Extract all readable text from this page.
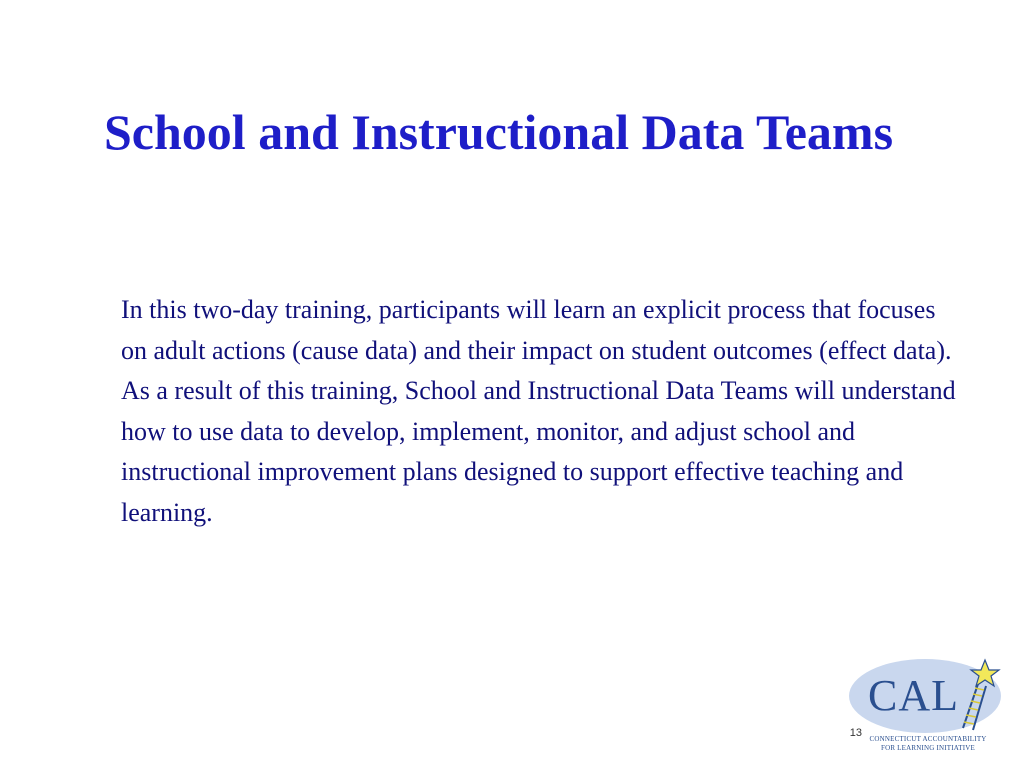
School and Instructional Data Teams

In this two-day training, participants will learn an explicit process that focuses on adult actions (cause data) and their impact on student outcomes (effect data). As a result of this training, School and Instructional Data Teams will understand how to use data to develop, implement, monitor, and adjust school and instructional improvement plans designed to support effective teaching and learning.

13
CAL
CONNECTICUT ACCOUNTABILITY
FOR LEARNING INITIATIVE
